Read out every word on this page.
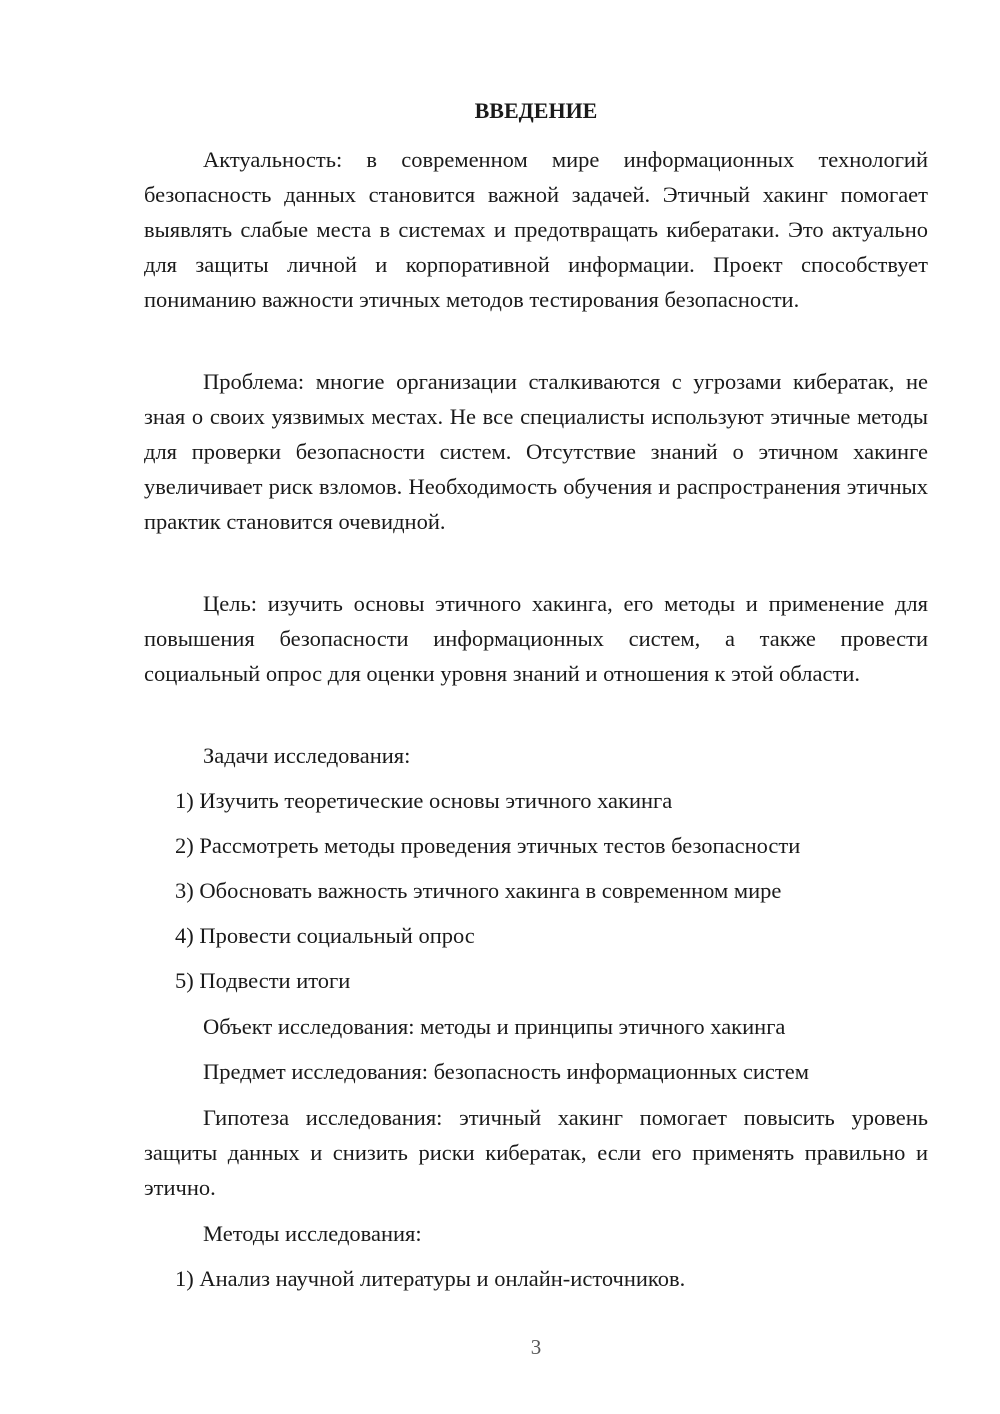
ВВЕДЕНИЕ

Актуальность: в современном мире информационных технологий безопасность данных становится важной задачей. Этичный хакинг помогает выявлять слабые места в системах и предотвращать кибератаки. Это актуально для защиты личной и корпоративной информации. Проект способствует пониманию важности этичных методов тестирования безопасности.

Проблема: многие организации сталкиваются с угрозами кибератак, не зная о своих уязвимых местах. Не все специалисты используют этичные методы для проверки безопасности систем. Отсутствие знаний о этичном хакинге увеличивает риск взломов. Необходимость обучения и распространения этичных практик становится очевидной.

Цель: изучить основы этичного хакинга, его методы и применение для повышения безопасности информационных систем, а также провести социальный опрос для оценки уровня знаний и отношения к этой области.

Задачи исследования:

1) Изучить теоретические основы этичного хакинга

2) Рассмотреть методы проведения этичных тестов безопасности

3) Обосновать важность этичного хакинга в современном мире

4) Провести социальный опрос

5) Подвести итоги

Объект исследования: методы и принципы этичного хакинга

Предмет исследования: безопасность информационных систем

Гипотеза исследования: этичный хакинг помогает повысить уровень защиты данных и снизить риски кибератак, если его применять правильно и этично.

Методы исследования:

1) Анализ научной литературы и онлайн-источников.

3
